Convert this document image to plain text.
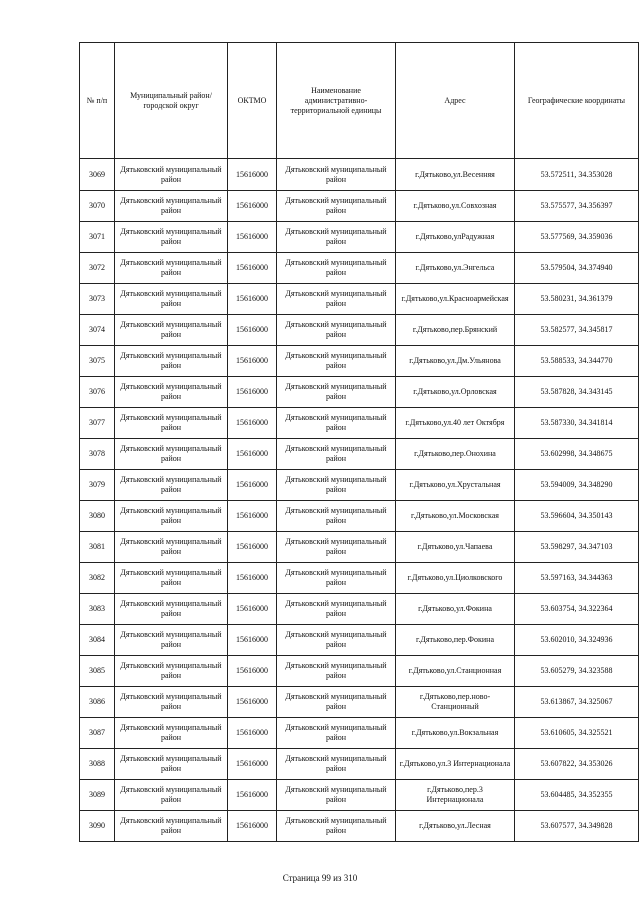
№ п/п	Муниципальный район/городской округ	ОКТМО	Наименование административно-территориальной единицы	Адрес	Географические координаты
3069	Дятьковский муниципальный район	15616000	Дятьковский муниципальный район	г.Дятьково,ул.Весенняя	53.572511, 34.353028
3070	Дятьковский муниципальный район	15616000	Дятьковский муниципальный район	г.Дятьково,ул.Совхозная	53.575577, 34.356397
3071	Дятьковский муниципальный район	15616000	Дятьковский муниципальный район	г.Дятьково,улРадужная	53.577569, 34.359036
3072	Дятьковский муниципальный район	15616000	Дятьковский муниципальный район	г.Дятьково,ул.Энгельса	53.579504, 34.374940
3073	Дятьковский муниципальный район	15616000	Дятьковский муниципальный район	г.Дятьково,ул.Красноармейская	53.580231, 34.361379
3074	Дятьковский муниципальный район	15616000	Дятьковский муниципальный район	г.Дятьково,пер.Брянский	53.582577, 34.345817
3075	Дятьковский муниципальный район	15616000	Дятьковский муниципальный район	г.Дятьково,ул.Дм.Ульянова	53.588533, 34.344770
3076	Дятьковский муниципальный район	15616000	Дятьковский муниципальный район	г.Дятьково,ул.Орловская	53.587828, 34.343145
3077	Дятьковский муниципальный район	15616000	Дятьковский муниципальный район	г.Дятьково,ул.40 лет Октября	53.587330, 34.341814
3078	Дятьковский муниципальный район	15616000	Дятьковский муниципальный район	г.Дятьково,пер.Онохина	53.602998, 34.348675
3079	Дятьковский муниципальный район	15616000	Дятьковский муниципальный район	г.Дятьково,ул.Хрустальная	53.594009, 34.348290
3080	Дятьковский муниципальный район	15616000	Дятьковский муниципальный район	г.Дятьково,ул.Московская	53.596604, 34.350143
3081	Дятьковский муниципальный район	15616000	Дятьковский муниципальный район	г.Дятьково,ул.Чапаева	53.598297, 34.347103
3082	Дятьковский муниципальный район	15616000	Дятьковский муниципальный район	г.Дятьково,ул.Циолковского	53.597163, 34.344363
3083	Дятьковский муниципальный район	15616000	Дятьковский муниципальный район	г.Дятьково,ул.Фокина	53.603754, 34.322364
3084	Дятьковский муниципальный район	15616000	Дятьковский муниципальный район	г.Дятьково,пер.Фокина	53.602010, 34.324936
3085	Дятьковский муниципальный район	15616000	Дятьковский муниципальный район	г.Дятьково,ул.Станционная	53.605279, 34.323588
3086	Дятьковский муниципальный район	15616000	Дятьковский муниципальный район	г.Дятьково,пер.ново-Станционный	53.613867, 34.325067
3087	Дятьковский муниципальный район	15616000	Дятьковский муниципальный район	г.Дятьково,ул.Вокзальная	53.610605, 34.325521
3088	Дятьковский муниципальный район	15616000	Дятьковский муниципальный район	г.Дятьково,ул.3 Интернационала	53.607822, 34.353026
3089	Дятьковский муниципальный район	15616000	Дятьковский муниципальный район	г.Дятьково,пер.3 Интернационала	53.604485, 34.352355
3090	Дятьковский муниципальный район	15616000	Дятьковский муниципальный район	г.Дятьково,ул.Лесная	53.607577, 34.349828
Страница 99 из 310
